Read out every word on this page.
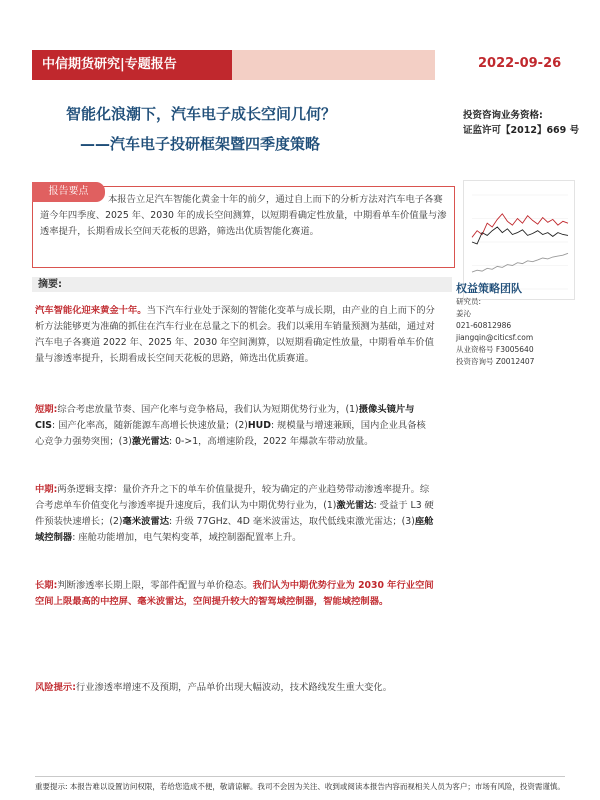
中信期货研究|专题报告	2022-09-26
智能化浪潮下，汽车电子成长空间几何？
——汽车电子投研框架暨四季度策略
投资咨询业务资格:
证监许可【2012】669 号
报告要点
本报告立足汽车智能化黄金十年的前夕，通过自上而下的分析方法对汽车电子各赛道今年四季度、2025 年、2030 年的成长空间测算，以短期看确定性放量，中期看单车价值量与渗透率提升，长期看成长空间天花板的思路，筛选出优质智能化赛道。
摘要:
汽车智能化迎来黄金十年。当下汽车行业处于深刻的智能化变革与成长期，由产业的自上而下的分析方法能够更为准确的抓住在汽车行业在总量之下的机会。我们以乘用车销量预测为基础，通过对汽车电子各赛道 2022 年、2025 年、2030 年空间测算，以短期看确定性放量，中期看单车价值量与渗透率提升，长期看成长空间天花板的思路，筛选出优质赛道。
短期:综合考虑放量节奏、国产化率与竞争格局，我们认为短期优势行业为，(1)摄像头镜片与 CIS: 国产化率高，随新能源车高增长快速放量；(2)HUD: 规模量与增速兼顾，国内企业具备核心竞争力强势突围；(3)激光雷达: 0->1，高增速阶段，2022 年爆款车带动放量。
中期:两条逻辑支撑：量价齐升之下的单车价值量提升，较为确定的产业趋势带动渗透率提升。综合考虑单车价值变化与渗透率提升速度后，我们认为中期优势行业为，(1)激光雷达: 受益于 L3 硬件预装快速增长；(2)毫米波雷达: 升级 77GHz、4D 毫米波雷达，取代低线束激光雷达；(3)座舱域控制器: 座舱功能增加，电气架构变革，域控制器配置率上升。
长期:判断渗透率长期上限，零部件配置与单价稳态。我们认为中期优势行业为 2030 年行业空间空间上限最高的中控屏、毫米波雷达，空间提升较大的智驾域控制器，智能域控制器。
风险提示:行业渗透率增速不及预期，产品单价出现大幅波动，技术路线发生重大变化。
权益策略团队
研究员:
姜沁
021-60812986
jiangqin@citicsf.com
从业资格号 F3005640
投资咨询号 Z0012407
重要提示: 本报告难以设置访问权限，若给您造成不便，敬请谅解。我司不会因为关注、收到或阅读本报告内容而视相关人员为客户；市场有风险，投资需谨慎。
